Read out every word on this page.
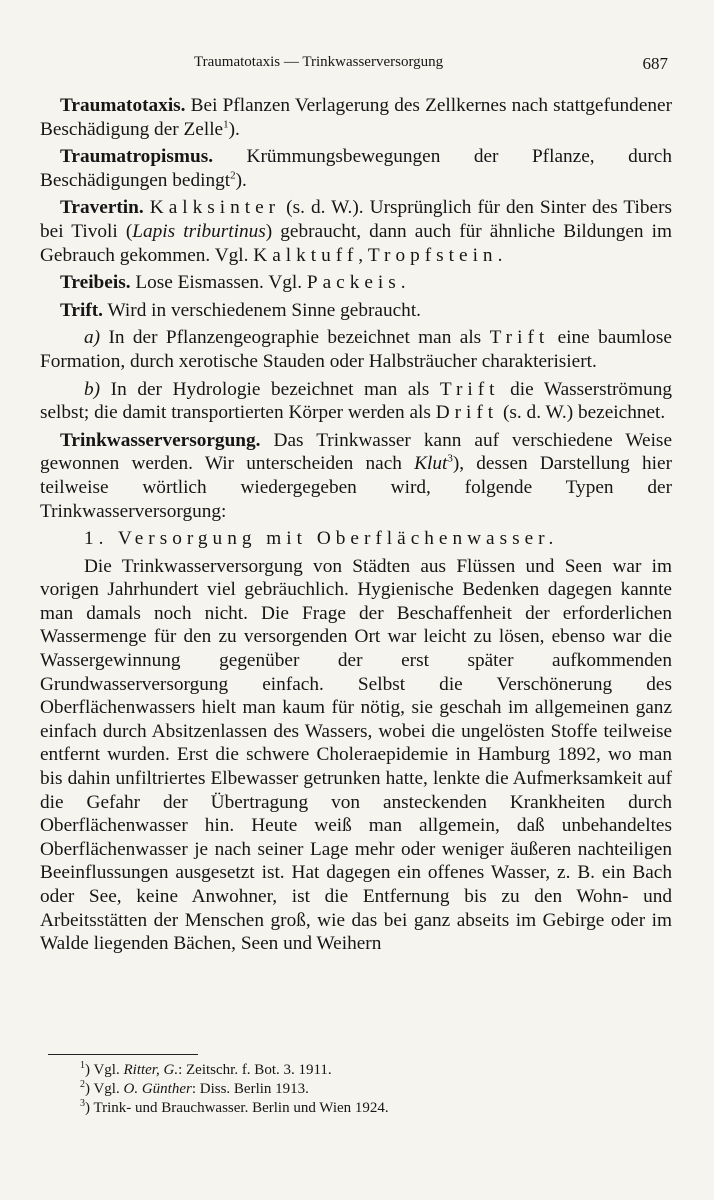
Traumatotaxis — Trinkwasserversorgung	687

Traumatotaxis. Bei Pflanzen Verlagerung des Zellkernes nach stattgefundener Beschädigung der Zelle$^1$).

Traumatropismus. Krümmungsbewegungen der Pflanze, durch Beschädigungen bedingt$^2$).

Travertin. Kalksinter (s. d. W.). Ursprünglich für den Sinter des Tibers bei Tivoli (Lapis triburtinus) gebraucht, dann auch für ähnliche Bildungen im Gebrauch gekommen. Vgl. Kalktuff, Tropfstein.

Treibeis. Lose Eismassen. Vgl. Packeis.

Trift. Wird in verschiedenem Sinne gebraucht.

a) In der Pflanzengeographie bezeichnet man als Trift eine baumlose Formation, durch xerotische Stauden oder Halbsträucher charakterisiert.

b) In der Hydrologie bezeichnet man als Trift die Wasserströmung selbst; die damit transportierten Körper werden als Drift (s. d. W.) bezeichnet.

Trinkwasserversorgung. Das Trinkwasser kann auf verschiedene Weise gewonnen werden. Wir unterscheiden nach Klut$^3$), dessen Darstellung hier teilweise wörtlich wiedergegeben wird, folgende Typen der Trinkwasserversorgung:

1. Versorgung mit Oberflächenwasser.

Die Trinkwasserversorgung von Städten aus Flüssen und Seen war im vorigen Jahrhundert viel gebräuchlich. Hygienische Bedenken dagegen kannte man damals noch nicht. Die Frage der Beschaffenheit der erforderlichen Wassermenge für den zu versorgenden Ort war leicht zu lösen, ebenso war die Wassergewinnung gegenüber der erst später aufkommenden Grundwasserversorgung einfach. Selbst die Verschönerung des Oberflächenwassers hielt man kaum für nötig, sie geschah im allgemeinen ganz einfach durch Absitzenlassen des Wassers, wobei die ungelösten Stoffe teilweise entfernt wurden. Erst die schwere Choleraepidemie in Hamburg 1892, wo man bis dahin unfiltriertes Elbewasser getrunken hatte, lenkte die Aufmerksamkeit auf die Gefahr der Übertragung von ansteckenden Krankheiten durch Oberflächenwasser hin. Heute weiß man allgemein, daß unbehandeltes Oberflächenwasser je nach seiner Lage mehr oder weniger äußeren nachteiligen Beeinflussungen ausgesetzt ist. Hat dagegen ein offenes Wasser, z. B. ein Bach oder See, keine Anwohner, ist die Entfernung bis zu den Wohn- und Arbeitsstätten der Menschen groß, wie das bei ganz abseits im Gebirge oder im Walde liegenden Bächen, Seen und Weihern

$^1$) Vgl. Ritter, G.: Zeitschr. f. Bot. 3. 1911.
$^2$) Vgl. O. Günther: Diss. Berlin 1913.
$^3$) Trink- und Brauchwasser. Berlin und Wien 1924.
